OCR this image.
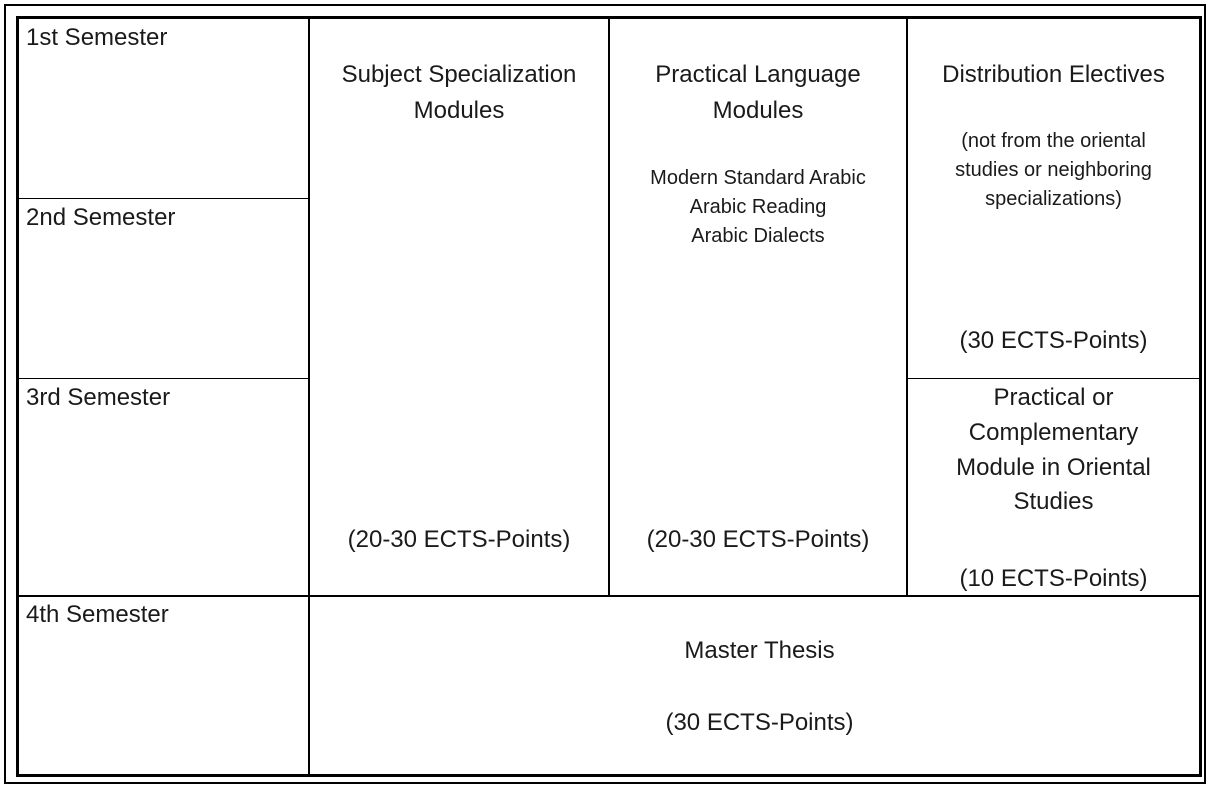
1st Semester
2nd Semester
3rd Semester
4th Semester
Subject Specialization
Modules
(20-30 ECTS-Points)
Practical Language
Modules
Modern Standard Arabic
Arabic Reading
Arabic Dialects
(20-30 ECTS-Points)
Distribution Electives
(not from the oriental
studies or neighboring
specializations)
(30 ECTS-Points)
Practical or
Complementary
Module in Oriental
Studies
(10 ECTS-Points)
Master Thesis
(30 ECTS-Points)
